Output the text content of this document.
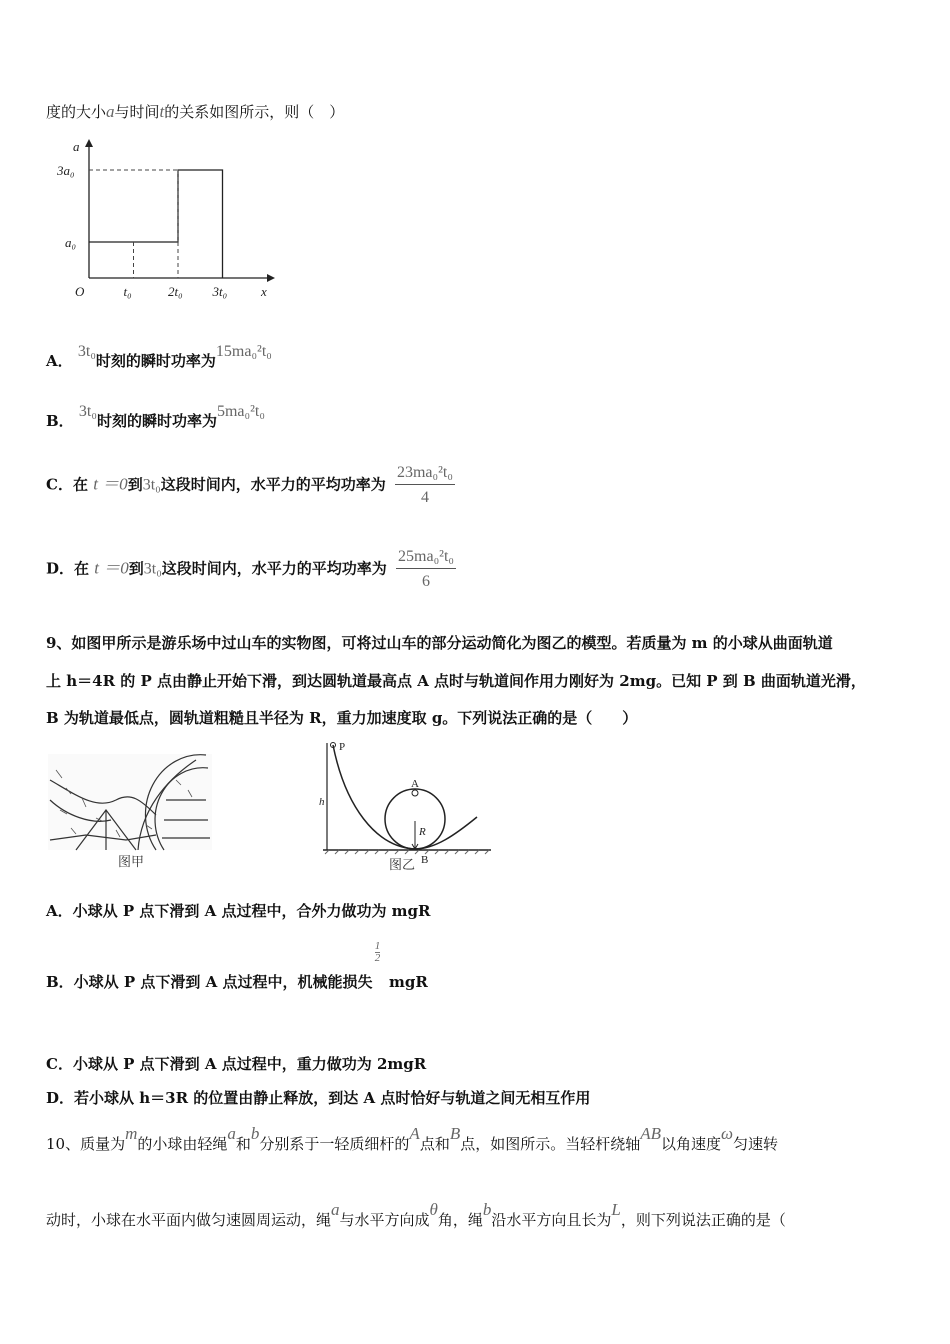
度的大小a与时间t的关系如图所示，则（　）
O	x
a
t₀	2t₀ 3t₀
a₀
3a₀
A． 3t₀时刻的瞬时功率为15ma₀²t₀
B． 3t₀时刻的瞬时功率为5ma₀²t₀
C．在 t ＝0到3t₀这段时间内，水平力的平均功率为 $\frac{\text{23ma₀²t₀}}{4}$
D．在 t ＝0到3t₀这段时间内，水平力的平均功率为 $\frac{\text{25ma₀²t₀}}{6}$
9、如图甲所示是游乐场中过山车的实物图，可将过山车的部分运动简化为图乙的模型。若质量为 m 的小球从曲面轨道
上 h＝4R 的 P 点由静止开始下滑，到达圆轨道最高点 A 点时与轨道间作用力刚好为 2mg。已知 P 到 B 曲面轨道光滑，
B 为轨道最低点，圆轨道粗糙且半径为 R，重力加速度取 g。下列说法正确的是（　　）
图甲
P
h
A
R
B
图乙
A．小球从 P 点下滑到 A 点过程中，合外力做功为 mgR
B．小球从 P 点下滑到 A 点过程中，机械能损失
$\frac{1}{2}$
mgR
C．小球从 P 点下滑到 A 点过程中，重力做功为 2mgR
D．若小球从 h＝3R 的位置由静止释放，到达 A 点时恰好与轨道之间无相互作用
10、质量为m的小球由轻绳a和b分别系于一轻质细杆的A点和B点，如图所示。当轻杆绕轴AB以角速度ω匀速转
动时，小球在水平面内做匀速圆周运动，绳a与水平方向成θ角，绳b沿水平方向且长为L，则下列说法正确的是（
